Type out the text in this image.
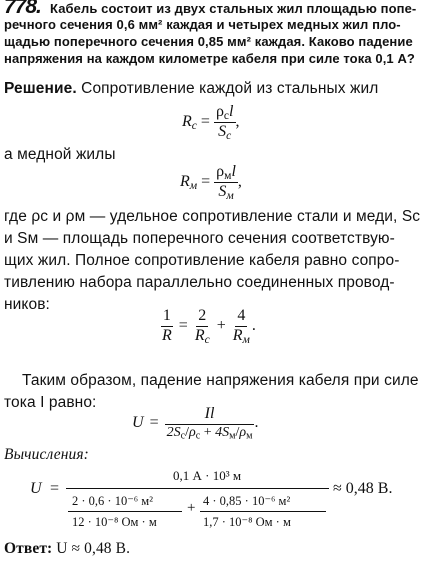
778. Кабель состоит из двух стальных жил площадью попе-
речного сечения 0,6 мм² каждая и четырех медных жил пло-
щадью поперечного сечения 0,85 мм² каждая. Каково падение
напряжения на каждом километре кабеля при силе тока 0,1 А?
Решение. Сопротивление каждой из стальных жил
$R_с = \frac{\rho_сl}{S_с}$ ,
а медной жилы
$R_м = \frac{\rho_мl}{S_м}$ ,
где ρс и ρм — удельное сопротивление стали и меди, Sс
и Sм — площадь поперечного сечения соответствую-
щих жил. Полное сопротивление кабеля равно сопро-
тивлению набора параллельно соединенных провод-
ников:
$\frac{1}{R} = \frac{2}{R_с} + \frac{4}{R_м}$ .
Таким образом, падение напряжения кабеля при силе
тока I равно:
$U = \frac{Il}{2S_с/\rho_с + 4S_м/\rho_м}$ .
Вычисления:
U =
0,1 А · 10³ м
2 · 0,6 · 10⁻⁶ м²
12 · 10⁻⁸ Ом · м
+ 4 · 0,85 · 10⁻⁶ м²
1,7 · 10⁻⁸ Ом · м
≈ 0,48 В.
Ответ: U ≈ 0,48 В.
